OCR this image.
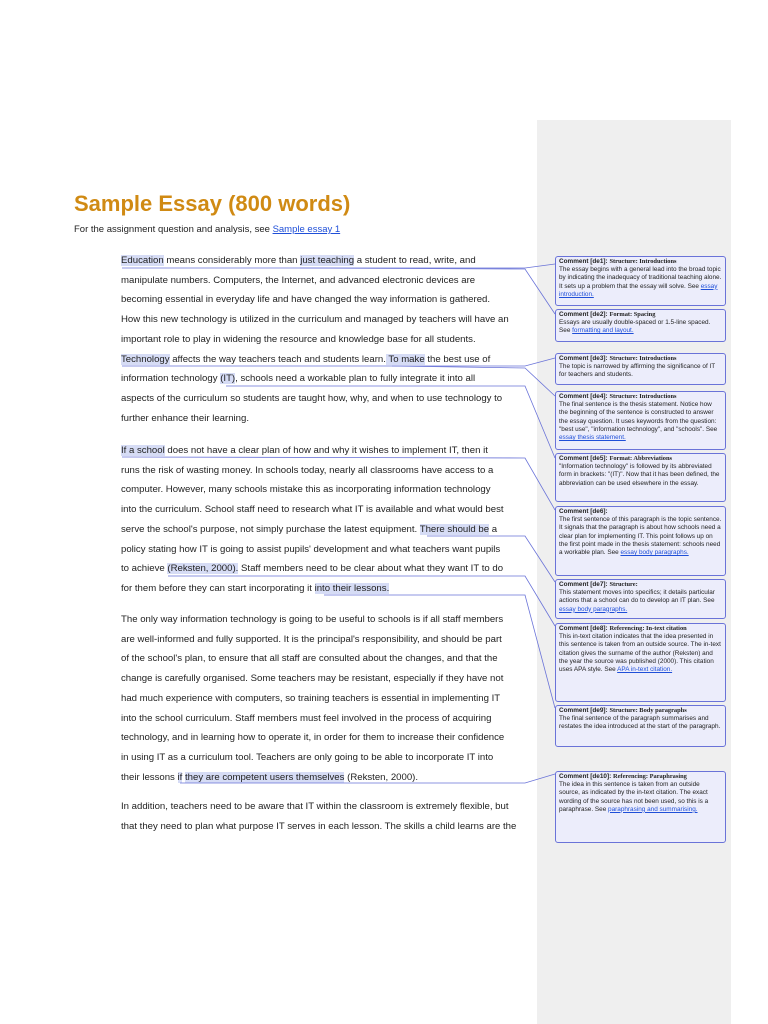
Sample Essay (800 words)
For the assignment question and analysis, see Sample essay 1
Education means considerably more than just teaching a student to read, write, and
manipulate numbers. Computers, the Internet, and advanced electronic devices are
becoming essential in everyday life and have changed the way information is gathered.
How this new technology is utilized in the curriculum and managed by teachers will have an
important role to play in widening the resource and knowledge base for all students.
Technology affects the way teachers teach and students learn. To make the best use of
information technology (IT), schools need a workable plan to fully integrate it into all
aspects of the curriculum so students are taught how, why, and when to use technology to
further enhance their learning.
If a school does not have a clear plan of how and why it wishes to implement IT, then it
runs the risk of wasting money. In schools today, nearly all classrooms have access to a
computer. However, many schools mistake this as incorporating information technology
into the curriculum. School staff need to research what IT is available and what would best
serve the school's purpose, not simply purchase the latest equipment. There should be a
policy stating how IT is going to assist pupils' development and what teachers want pupils
to achieve (Reksten, 2000). Staff members need to be clear about what they want IT to do
for them before they can start incorporating it into their lessons.
The only way information technology is going to be useful to schools is if all staff members
are well-informed and fully supported. It is the principal's responsibility, and should be part
of the school's plan, to ensure that all staff are consulted about the changes, and that the
change is carefully organised. Some teachers may be resistant, especially if they have not
had much experience with computers, so training teachers is essential in implementing IT
into the school curriculum. Staff members must feel involved in the process of acquiring
technology, and in learning how to operate it, in order for them to increase their confidence
in using IT as a curriculum tool. Teachers are only going to be able to incorporate IT into
their lessons if they are competent users themselves (Reksten, 2000).
In addition, teachers need to be aware that IT within the classroom is extremely flexible, but
that they need to plan what purpose IT serves in each lesson. The skills a child learns are the
Comment [de1]: Structure: Introductions
The essay begins with a general lead into the broad topic by indicating the inadequacy of traditional teaching alone. It sets up a problem that the essay will solve. See essay introduction.
Comment [de2]: Format: Spacing
Essays are usually double-spaced or 1.5-line spaced. See formatting and layout.
Comment [de3]: Structure: Introductions
The topic is narrowed by affirming the significance of IT for teachers and students.
Comment [de4]: Structure: Introductions
The final sentence is the thesis statement. Notice how the beginning of the sentence is constructed to answer the essay question. It uses keywords from the question: "best use", "information technology", and "schools". See essay thesis statement.
Comment [de5]: Format: Abbreviations
"Information technology" is followed by its abbreviated form in brackets: "(IT)". Now that it has been defined, the abbreviation can be used elsewhere in the essay.
Comment [de6]:
The first sentence of this paragraph is the topic sentence. It signals that the paragraph is about how schools need a clear plan for implementing IT. This point follows up on the first point made in the thesis statement: schools need a workable plan. See essay body paragraphs.
Comment [de7]: Structure:
This statement moves into specifics; it details particular actions that a school can do to develop an IT plan. See essay body paragraphs.
Comment [de8]: Referencing: In-text citation
This in-text citation indicates that the idea presented in this sentence is taken from an outside source. The in-text citation gives the surname of the author (Reksten) and the year the source was published (2000). This citation uses APA style. See APA in-text citation.
Comment [de9]: Structure: Body paragraphs
The final sentence of the paragraph summarises and restates the idea introduced at the start of the paragraph.
Comment [de10]: Referencing: Paraphrasing
The idea in this sentence is taken from an outside source, as indicated by the in-text citation. The exact wording of the source has not been used, so this is a paraphrase. See paraphrasing and summarising.
